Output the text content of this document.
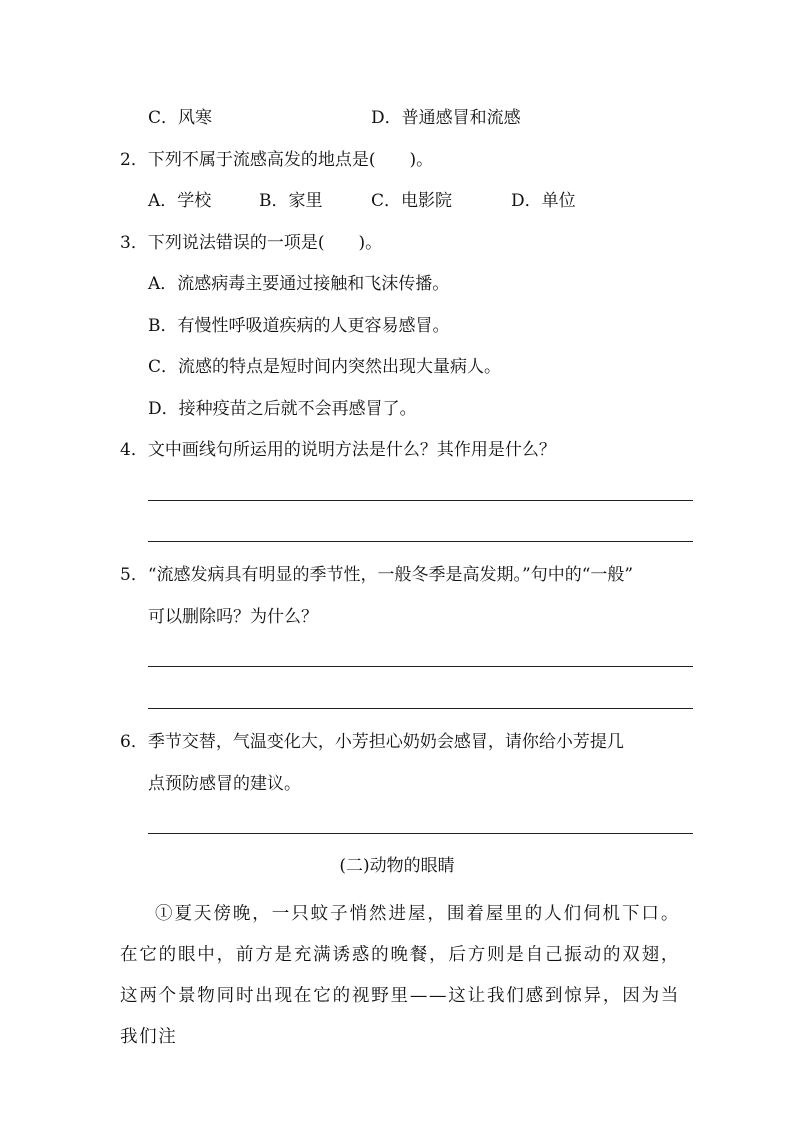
C．风寒	D．普通感冒和流感
2．下列不属于流感高发的地点是(　　)。
A．学校	B．家里	C．电影院	D．单位
3．下列说法错误的一项是(　　)。
A．流感病毒主要通过接触和飞沫传播。
B．有慢性呼吸道疾病的人更容易感冒。
C．流感的特点是短时间内突然出现大量病人。
D．接种疫苗之后就不会再感冒了。
4．文中画线句所运用的说明方法是什么？其作用是什么？
5．“流感发病具有明显的季节性，一般冬季是高发期。”句中的“一般”
可以删除吗？为什么？
6．季节交替，气温变化大，小芳担心奶奶会感冒，请你给小芳提几
点预防感冒的建议。
(二)动物的眼睛
①夏天傍晚，一只蚊子悄然进屋，围着屋里的人们伺机下口。在它的眼中，前方是充满诱惑的晚餐，后方则是自己振动的双翅，这两个景物同时出现在它的视野里——这让我们感到惊异，因为当我们注
